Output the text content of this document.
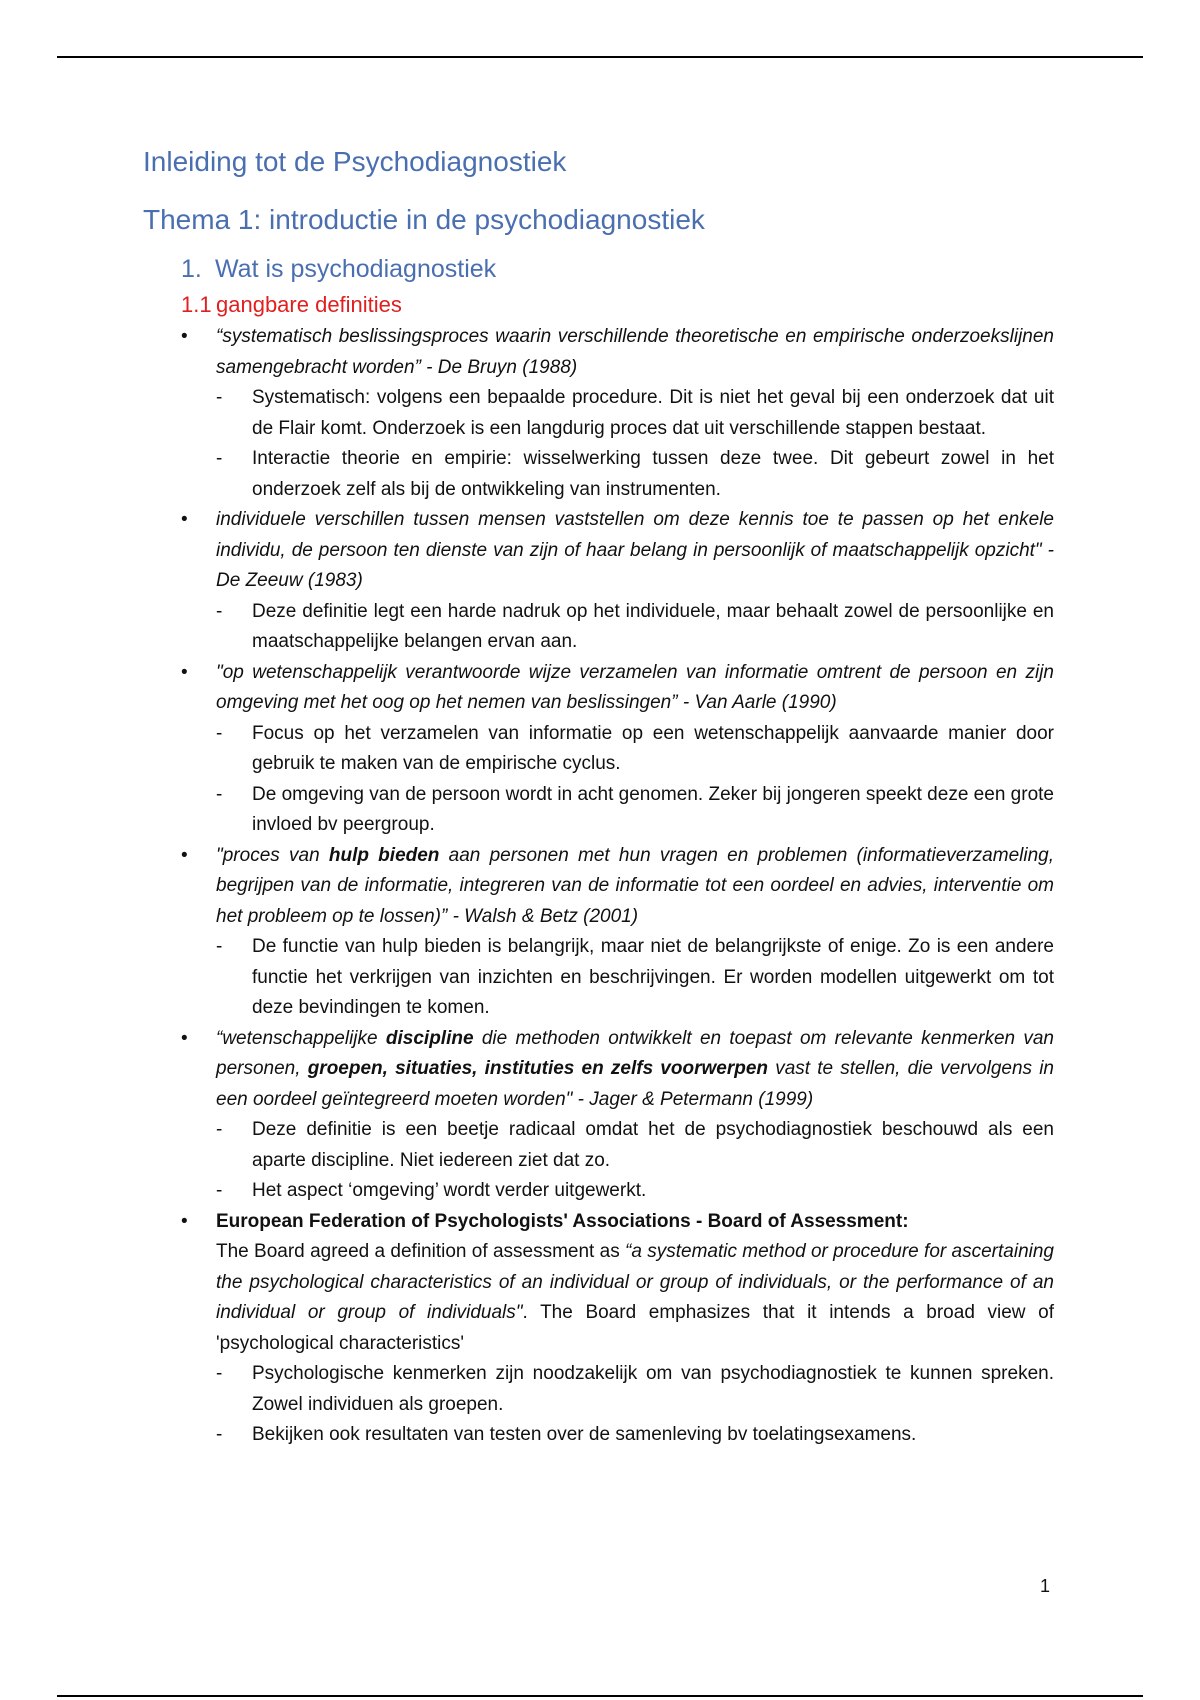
Inleiding tot de Psychodiagnostiek
Thema 1: introductie in de psychodiagnostiek
1. Wat is psychodiagnostiek
1.1 gangbare definities
• “systematisch beslissingsproces waarin verschillende theoretische en empirische onderzoekslijnen samengebracht worden” - De Bruyn (1988)
- Systematisch: volgens een bepaalde procedure. Dit is niet het geval bij een onderzoek dat uit de Flair komt. Onderzoek is een langdurig proces dat uit verschillende stappen bestaat.
- Interactie theorie en empirie: wisselwerking tussen deze twee. Dit gebeurt zowel in het onderzoek zelf als bij de ontwikkeling van instrumenten.
• individuele verschillen tussen mensen vaststellen om deze kennis toe te passen op het enkele individu, de persoon ten dienste van zijn of haar belang in persoonlijk of maatschappelijk opzicht" - De Zeeuw (1983)
- Deze definitie legt een harde nadruk op het individuele, maar behaalt zowel de persoonlijke en maatschappelijke belangen ervan aan.
• "op wetenschappelijk verantwoorde wijze verzamelen van informatie omtrent de persoon en zijn omgeving met het oog op het nemen van beslissingen” - Van Aarle (1990)
- Focus op het verzamelen van informatie op een wetenschappelijk aanvaarde manier door gebruik te maken van de empirische cyclus.
- De omgeving van de persoon wordt in acht genomen. Zeker bij jongeren speekt deze een grote invloed bv peergroup.
• "proces van hulp bieden aan personen met hun vragen en problemen (informatieverzameling, begrijpen van de informatie, integreren van de informatie tot een oordeel en advies, interventie om het probleem op te lossen)” - Walsh & Betz (2001)
- De functie van hulp bieden is belangrijk, maar niet de belangrijkste of enige. Zo is een andere functie het verkrijgen van inzichten en beschrijvingen. Er worden modellen uitgewerkt om tot deze bevindingen te komen.
• “wetenschappelijke discipline die methoden ontwikkelt en toepast om relevante kenmerken van personen, groepen, situaties, instituties en zelfs voorwerpen vast te stellen, die vervolgens in een oordeel geïntegreerd moeten worden" - Jager & Petermann (1999)
- Deze definitie is een beetje radicaal omdat het de psychodiagnostiek beschouwd als een aparte discipline. Niet iedereen ziet dat zo.
- Het aspect ‘omgeving’ wordt verder uitgewerkt.
• European Federation of Psychologists' Associations - Board of Assessment:
The Board agreed a definition of assessment as “a systematic method or procedure for ascertaining the psychological characteristics of an individual or group of individuals, or the performance of an individual or group of individuals". The Board emphasizes that it intends a broad view of 'psychological characteristics'
- Psychologische kenmerken zijn noodzakelijk om van psychodiagnostiek te kunnen spreken. Zowel individuen als groepen.
- Bekijken ook resultaten van testen over de samenleving bv toelatingsexamens.
1
